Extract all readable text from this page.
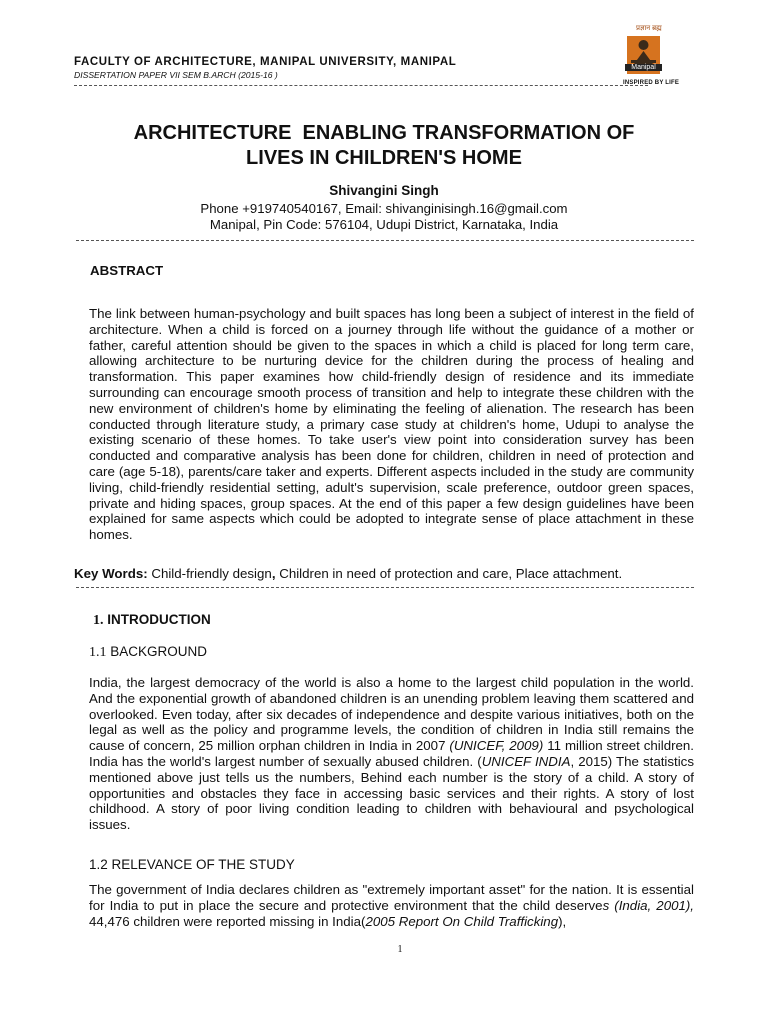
FACULTY OF ARCHITECTURE, MANIPAL UNIVERSITY, MANIPAL
DISSERTATION PAPER VII SEM B.ARCH (2015-16 )
प्रज्ञान ब्रह्म
Manipal
INSPIRED BY LIFE
ARCHITECTURE  ENABLING TRANSFORMATION OF
LIVES IN CHILDREN'S HOME
Shivangini Singh
Phone +919740540167, Email: shivanginisingh.16@gmail.com
Manipal, Pin Code: 576104, Udupi District, Karnataka, India
ABSTRACT
The link between human-psychology and built spaces has long been a subject of interest in the field of architecture. When a child is forced on a journey through life without the guidance of a mother or father, careful attention should be given to the spaces in which a child is placed for long term care, allowing architecture to be nurturing device for the children during the process of healing and transformation. This paper examines how child-friendly design of residence and its immediate surrounding can encourage smooth process of transition and help to integrate these children with the new environment of children's home by eliminating the feeling of alienation. The research has been conducted through literature study, a primary case study at children's home, Udupi to analyse the existing scenario of these homes. To take user's view point into consideration survey has been conducted and comparative analysis has been done for children, children in need of protection and care (age 5-18), parents/care taker and experts. Different aspects included in the study are community living, child-friendly residential setting, adult's supervision, scale preference, outdoor green spaces, private and hiding spaces, group spaces. At the end of this paper a few design guidelines have been explained for same aspects which could be adopted to integrate sense of place attachment in these homes.
Key Words: Child-friendly design, Children in need of protection and care, Place attachment.
1. INTRODUCTION
1.1 BACKGROUND
India, the largest democracy of the world is also a home to the largest child population in the world. And the exponential growth of abandoned children is an unending problem leaving them scattered and overlooked. Even today, after six decades of independence and despite various initiatives, both on the legal as well as the policy and programme levels, the condition of children in India still remains the cause of concern, 25 million orphan children in India in 2007 (UNICEF, 2009) 11 million street children. India has the world's largest number of sexually abused children. (UNICEF INDIA, 2015) The statistics mentioned above just tells us the numbers, Behind each number is the story of a child. A story of opportunities and obstacles they face in accessing basic services and their rights. A story of lost childhood. A story of poor living condition leading to children with behavioural and psychological issues.
1.2 RELEVANCE OF THE STUDY
The government of India declares children as "extremely important asset" for the nation. It is essential for India to put in place the secure and protective environment that the child deserves (India, 2001), 44,476 children were reported missing in India(2005 Report On Child Trafficking),
1
